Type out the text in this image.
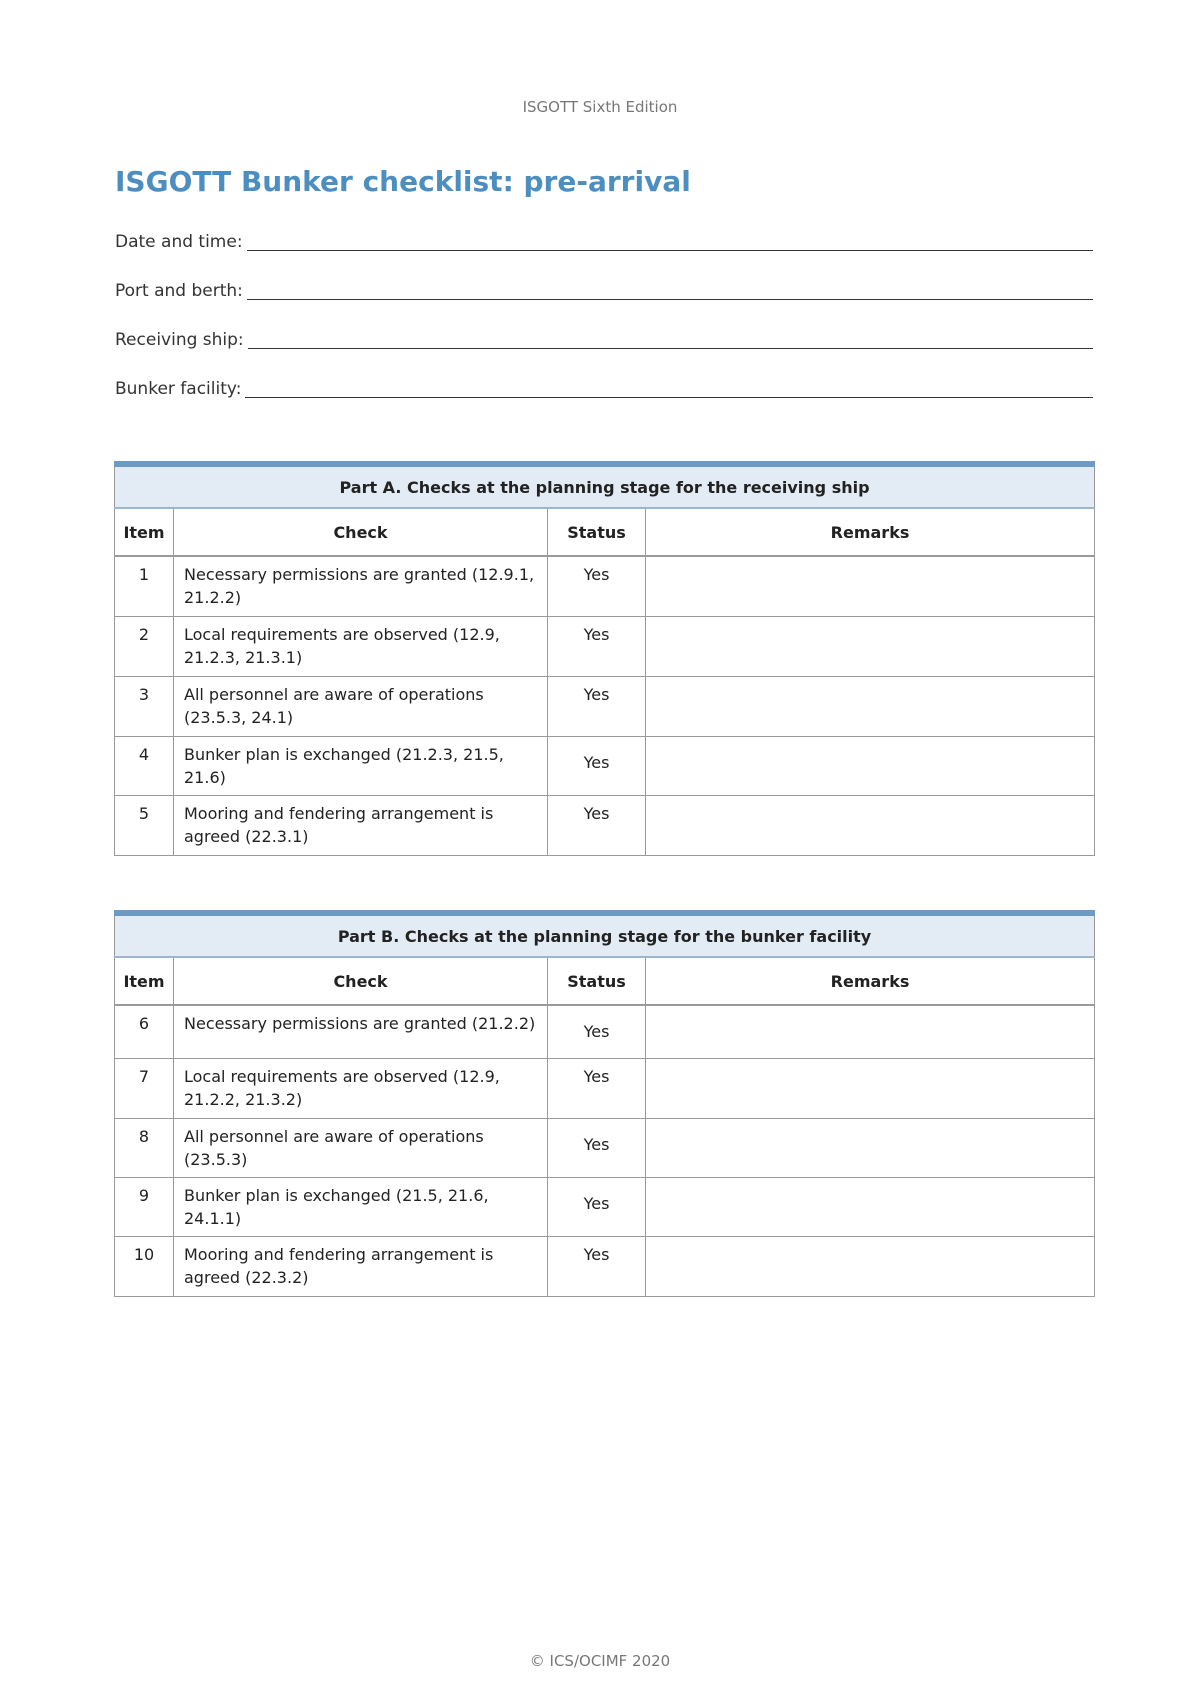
ISGOTT Sixth Edition
ISGOTT Bunker checklist: pre-arrival
Date and time:
Port and berth:
Receiving ship:
Bunker facility:
Part A. Checks at the planning stage for the receiving ship			
Item	Check	Status	Remarks
1	Necessary permissions are granted (12.9.1, 21.2.2)	Yes	
2	Local requirements are observed (12.9, 21.2.3, 21.3.1)	Yes	
3	All personnel are aware of operations (23.5.3, 24.1)	Yes	
4	Bunker plan is exchanged (21.2.3, 21.5, 21.6)	Yes	
5	Mooring and fendering arrangement is agreed (22.3.1)	Yes	
Part B. Checks at the planning stage for the bunker facility			
Item	Check	Status	Remarks
6	Necessary permissions are granted (21.2.2)	Yes	
7	Local requirements are observed (12.9, 21.2.2, 21.3.2)	Yes	
8	All personnel are aware of operations (23.5.3)	Yes	
9	Bunker plan is exchanged (21.5, 21.6, 24.1.1)	Yes	
10	Mooring and fendering arrangement is agreed (22.3.2)	Yes	
© ICS/OCIMF 2020
